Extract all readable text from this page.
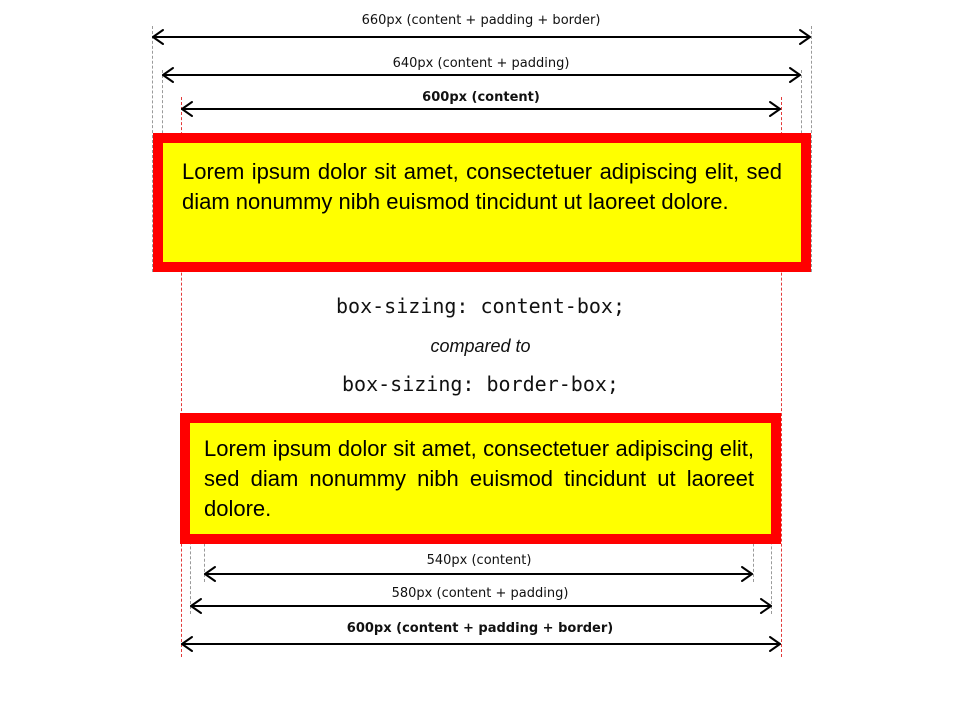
660px (content + padding + border)
640px (content + padding)
600px (content)
Lorem ipsum dolor sit amet, consectetuer adipiscing elit, sed diam nonummy nibh euismod tincidunt ut laoreet dolore.
box-sizing: content-box;
compared to
box-sizing: border-box;
Lorem ipsum dolor sit amet, consectetuer adipiscing elit, sed diam nonummy nibh euismod tincidunt ut laoreet dolore.
540px (content)
580px (content + padding)
600px (content + padding + border)
